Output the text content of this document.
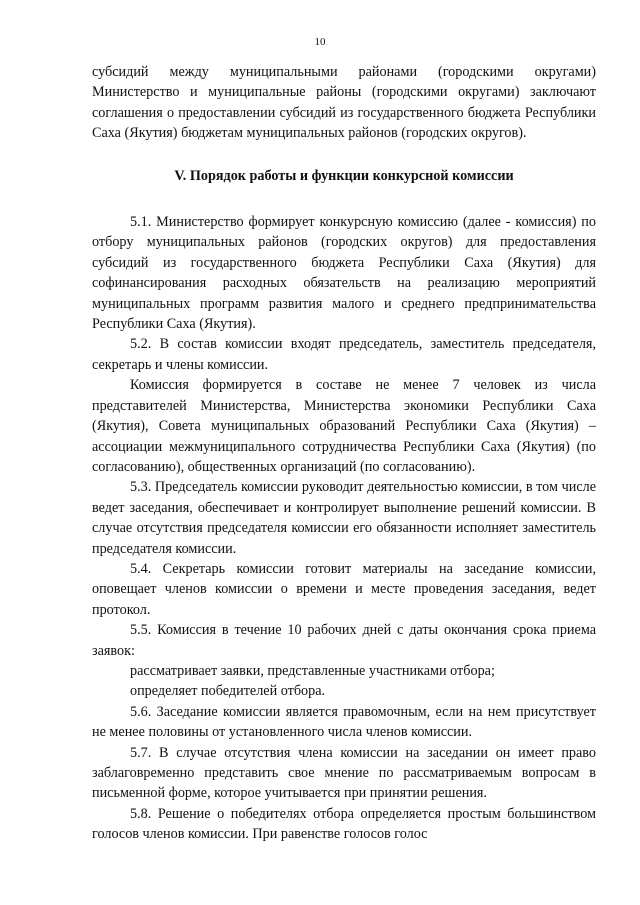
10

субсидий между муниципальными районами (городскими округами) Министерство и муниципальные районы (городскими округами) заключают соглашения о предоставлении субсидий из государственного бюджета Республики Саха (Якутия) бюджетам муниципальных районов (городских округов).

V. Порядок работы и функции конкурсной комиссии

5.1. Министерство формирует конкурсную комиссию (далее - комиссия) по отбору муниципальных районов (городских округов) для предоставления субсидий из государственного бюджета Республики Саха (Якутия) для софинансирования расходных обязательств на реализацию мероприятий муниципальных программ развития малого и среднего предпринимательства Республики Саха (Якутия).

5.2. В состав комиссии входят председатель, заместитель председателя, секретарь и члены комиссии.

Комиссия формируется в составе не менее 7 человек из числа представителей Министерства, Министерства экономики Республики Саха (Якутия), Совета муниципальных образований Республики Саха (Якутия) – ассоциации межмуниципального сотрудничества Республики Саха (Якутия) (по согласованию), общественных организаций (по согласованию).

5.3. Председатель комиссии руководит деятельностью комиссии, в том числе ведет заседания, обеспечивает и контролирует выполнение решений комиссии. В случае отсутствия председателя комиссии его обязанности исполняет заместитель председателя комиссии.

5.4. Секретарь комиссии готовит материалы на заседание комиссии, оповещает членов комиссии о времени и месте проведения заседания, ведет протокол.

5.5. Комиссия в течение 10 рабочих дней с даты окончания срока приема заявок:

рассматривает заявки, представленные участниками отбора;

определяет победителей отбора.

5.6. Заседание комиссии является правомочным, если на нем присутствует не менее половины от установленного числа членов комиссии.

5.7. В случае отсутствия члена комиссии на заседании он имеет право заблаговременно представить свое мнение по рассматриваемым вопросам в письменной форме, которое учитывается при принятии решения.

5.8. Решение о победителях отбора определяется простым большинством голосов членов комиссии. При равенстве голосов голос
